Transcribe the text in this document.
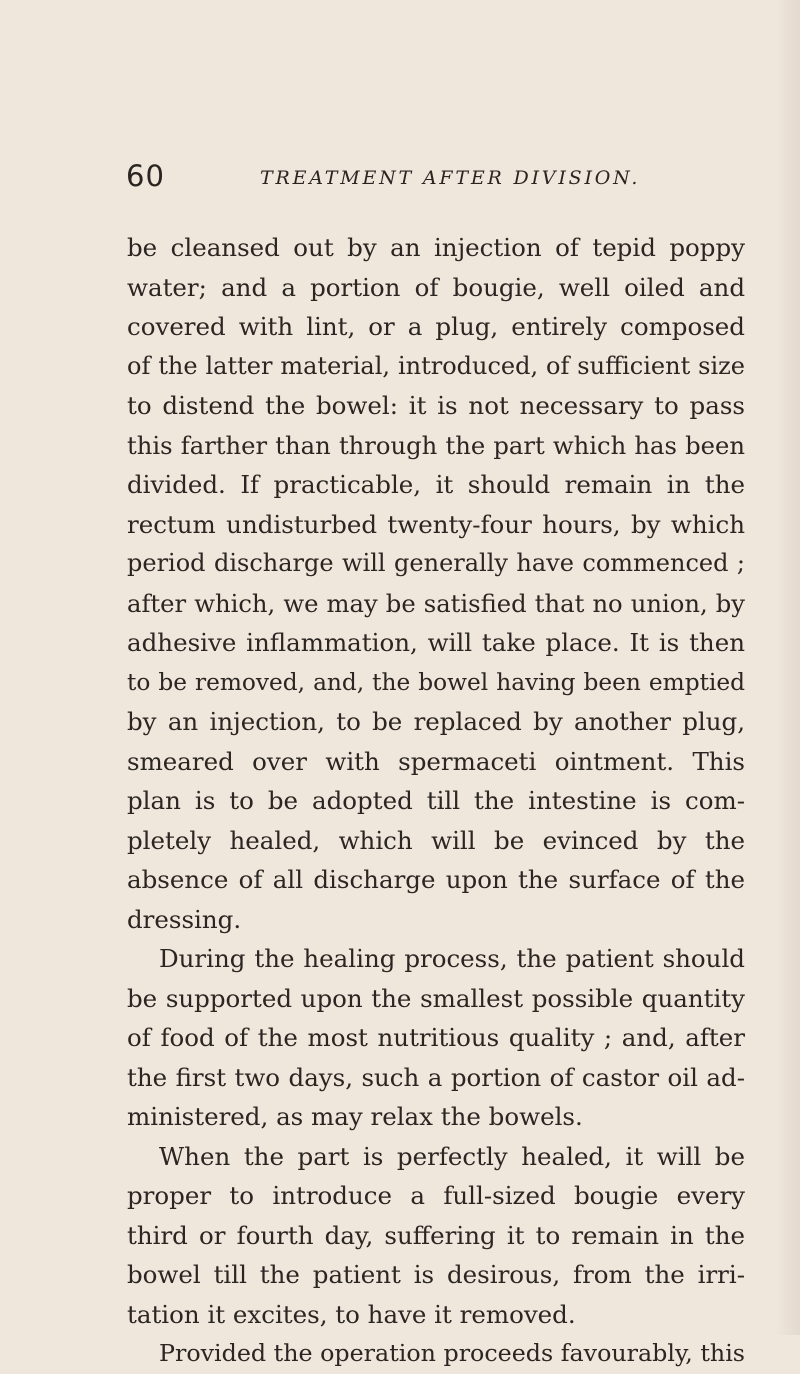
60	TREATMENT AFTER DIVISION.
be cleansed out by an injection of tepid poppy
water; and a portion of bougie, well oiled and
covered with lint, or a plug, entirely composed
of the latter material, introduced, of sufficient size
to distend the bowel: it is not necessary to pass
this farther than through the part which has been
divided. If practicable, it should remain in the
rectum undisturbed twenty-four hours, by which
period discharge will generally have commenced ;
after which, we may be satisfied that no union, by
adhesive inflammation, will take place. It is then
to be removed, and, the bowel having been emptied
by an injection, to be replaced by another plug,
smeared over with spermaceti ointment. This
plan is to be adopted till the intestine is com-
pletely healed, which will be evinced by the
absence of all discharge upon the surface of the
dressing.
During the healing process, the patient should
be supported upon the smallest possible quantity
of food of the most nutritious quality ; and, after
the first two days, such a portion of castor oil ad-
ministered, as may relax the bowels.
When the part is perfectly healed, it will be
proper to introduce a full-sized bougie every
third or fourth day, suffering it to remain in the
bowel till the patient is desirous, from the irri-
tation it excites, to have it removed.
Provided the operation proceeds favourably, this
